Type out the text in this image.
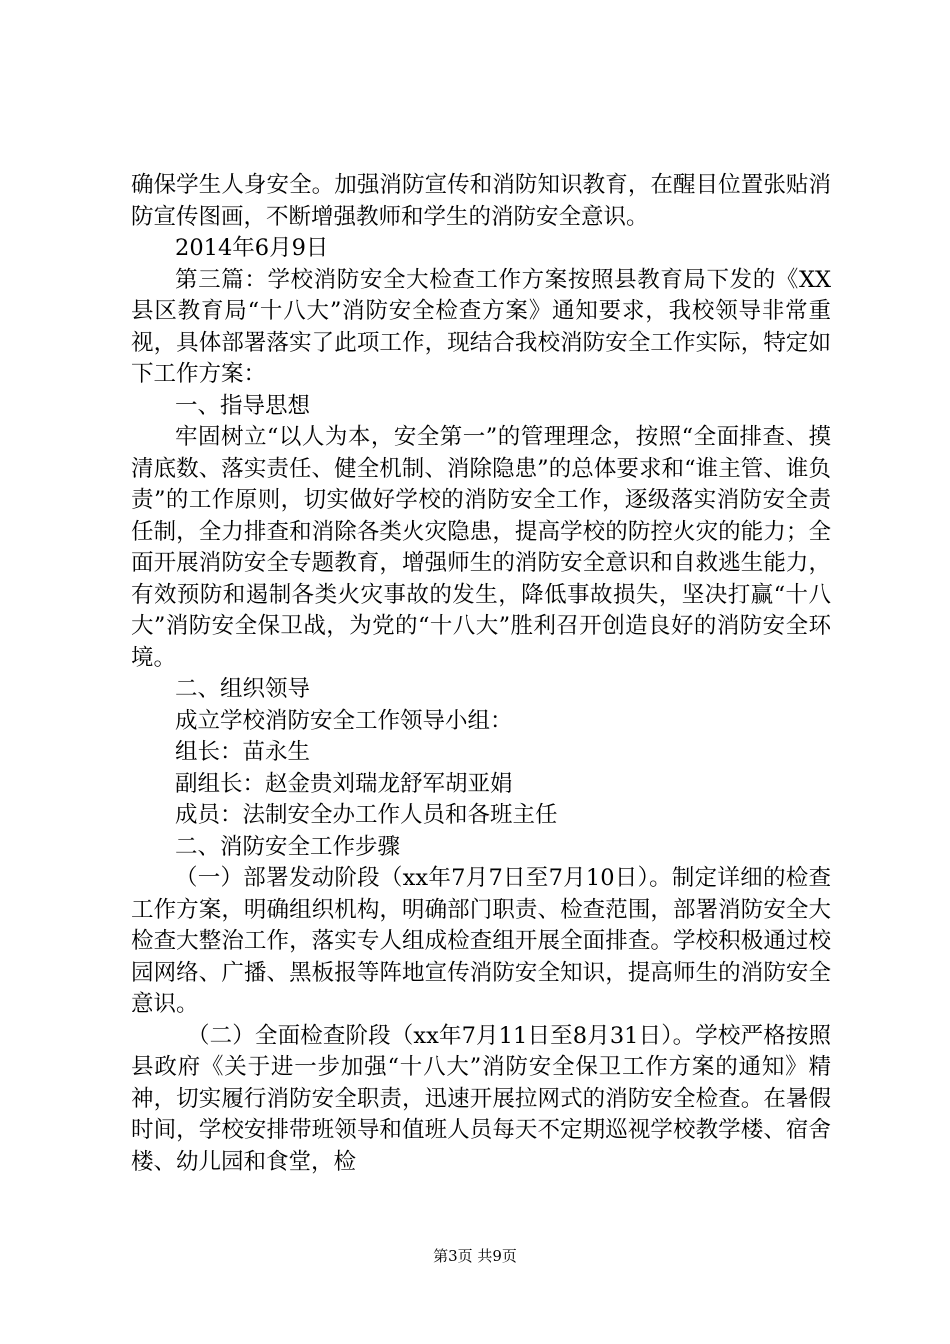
确保学生人身安全。加强消防宣传和消防知识教育，在醒目位置张贴消防宣传图画，不断增强教师和学生的消防安全意识。

2014年6月9日

第三篇：学校消防安全大检查工作方案按照县教育局下发的《XX县区教育局“十八大”消防安全检查方案》通知要求，我校领导非常重视，具体部署落实了此项工作，现结合我校消防安全工作实际，特定如下工作方案：

一、指导思想

牢固树立“以人为本，安全第一”的管理理念，按照“全面排查、摸清底数、落实责任、健全机制、消除隐患”的总体要求和“谁主管、谁负责”的工作原则，切实做好学校的消防安全工作，逐级落实消防安全责任制，全力排查和消除各类火灾隐患，提高学校的防控火灾的能力；全面开展消防安全专题教育，增强师生的消防安全意识和自救逃生能力，有效预防和遏制各类火灾事故的发生，降低事故损失，坚决打赢“十八大”消防安全保卫战，为党的“十八大”胜利召开创造良好的消防安全环境。

二、组织领导

成立学校消防安全工作领导小组：

组长：苗永生

副组长：赵金贵刘瑞龙舒军胡亚娟

成员：法制安全办工作人员和各班主任

二、消防安全工作步骤

（一）部署发动阶段（xx年7月7日至7月10日）。制定详细的检查工作方案，明确组织机构，明确部门职责、检查范围，部署消防安全大检查大整治工作，落实专人组成检查组开展全面排查。学校积极通过校园网络、广播、黑板报等阵地宣传消防安全知识，提高师生的消防安全意识。

（二）全面检查阶段（xx年7月11日至8月31日）。学校严格按照县政府《关于进一步加强“十八大”消防安全保卫工作方案的通知》精神，切实履行消防安全职责，迅速开展拉网式的消防安全检查。在暑假时间，学校安排带班领导和值班人员每天不定期巡视学校教学楼、宿舍楼、幼儿园和食堂，检

第3页 共9页
